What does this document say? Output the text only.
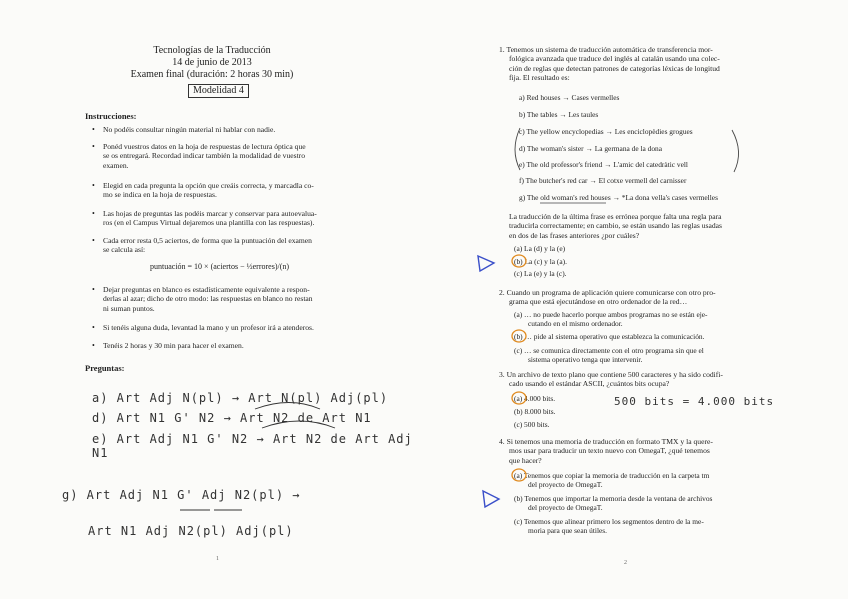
Tecnologías de la Traducción
14 de junio de 2013
Examen final (duración: 2 horas 30 min)
Modelidad 4
Instrucciones:
• No podéis consultar ningún material ni hablar con nadie.
• Ponéd vuestros datos en la hoja de respuestas de lectura óptica que
se os entregará. Recordad indicar también la modalidad de vuestro
examen.
• Elegid en cada pregunta la opción que creáis correcta, y marcadla co-
mo se indica en la hoja de respuestas.
• Las hojas de preguntas las podéis marcar y conservar para autoevalua-
ros (en el Campus Virtual dejaremos una plantilla con las respuestas).
• Cada error resta 0,5 aciertos, de forma que la puntuación del examen
se calcula así:
puntuación = 10 × (aciertos − ½errores)/(n)
• Dejar preguntas en blanco es estadísticamente equivalente a respon-
derlas al azar; dicho de otro modo: las respuestas en blanco no restan
ni suman puntos.
• Si tenéis alguna duda, levantad la mano y un profesor irá a atenderos.
• Tenéis 2 horas y 30 min para hacer el examen.
Preguntas:
a) Art Adj N(pl) → Art N(pl) Adj(pl)
d) Art N1 G' N2 → Art N2 de Art N1
e) Art Adj N1 G' N2 → Art N2 de Art Adj N1
g) Art Adj N1 G' Adj N2(pl) →
Art N1 Adj N2(pl) Adj(pl)
1
1. Tenemos un sistema de traducción automática de transferencia mor-
fológica avanzada que traduce del inglés al catalán usando una colec-
ción de reglas que detectan patrones de categorías léxicas de longitud
fija. El resultado es:
a) Red houses → Cases vermelles
b) The tables → Les taules
c) The yellow encyclopedias → Les enciclopèdies grogues
d) The woman's sister → La germana de la dona
e) The old professor's friend → L'amic del catedràtic vell
f) The butcher's red car → El cotxe vermell del carnisser
g) The old woman's red houses → *La dona vella's cases vermelles
La traducción de la última frase es errónea porque falta una regla para
traducirla correctamente; en cambio, se están usando las reglas usadas
en dos de las frases anteriores ¿por cuáles?
(a) La (d) y la (e)
(b) La (c) y la (a).
(c) La (e) y la (c).
2. Cuando un programa de aplicación quiere comunicarse con otro pro-
grama que está ejecutándose en otro ordenador de la red…
(a) … no puede hacerlo porque ambos programas no se están eje-
cutando en el mismo ordenador.
(b) … pide al sistema operativo que establezca la comunicación.
(c) … se comunica directamente con el otro programa sin que el
sistema operativo tenga que intervenir.
3. Un archivo de texto plano que contiene 500 caracteres y ha sido codifi-
cado usando el estándar ASCII, ¿cuántos bits ocupa?
(a) 4.000 bits.
(b) 8.000 bits.
(c) 500 bits.
500 bits = 4.000 bits
4. Si tenemos una memoria de traducción en formato TMX y la quere-
mos usar para traducir un texto nuevo con OmegaT, ¿qué tenemos
que hacer?
(a) Tenemos que copiar la memoria de traducción en la carpeta tm
del proyecto de OmegaT.
(b) Tenemos que importar la memoria desde la ventana de archivos
del proyecto de OmegaT.
(c) Tenemos que alinear primero los segmentos dentro de la me-
moria para que sean útiles.
2
